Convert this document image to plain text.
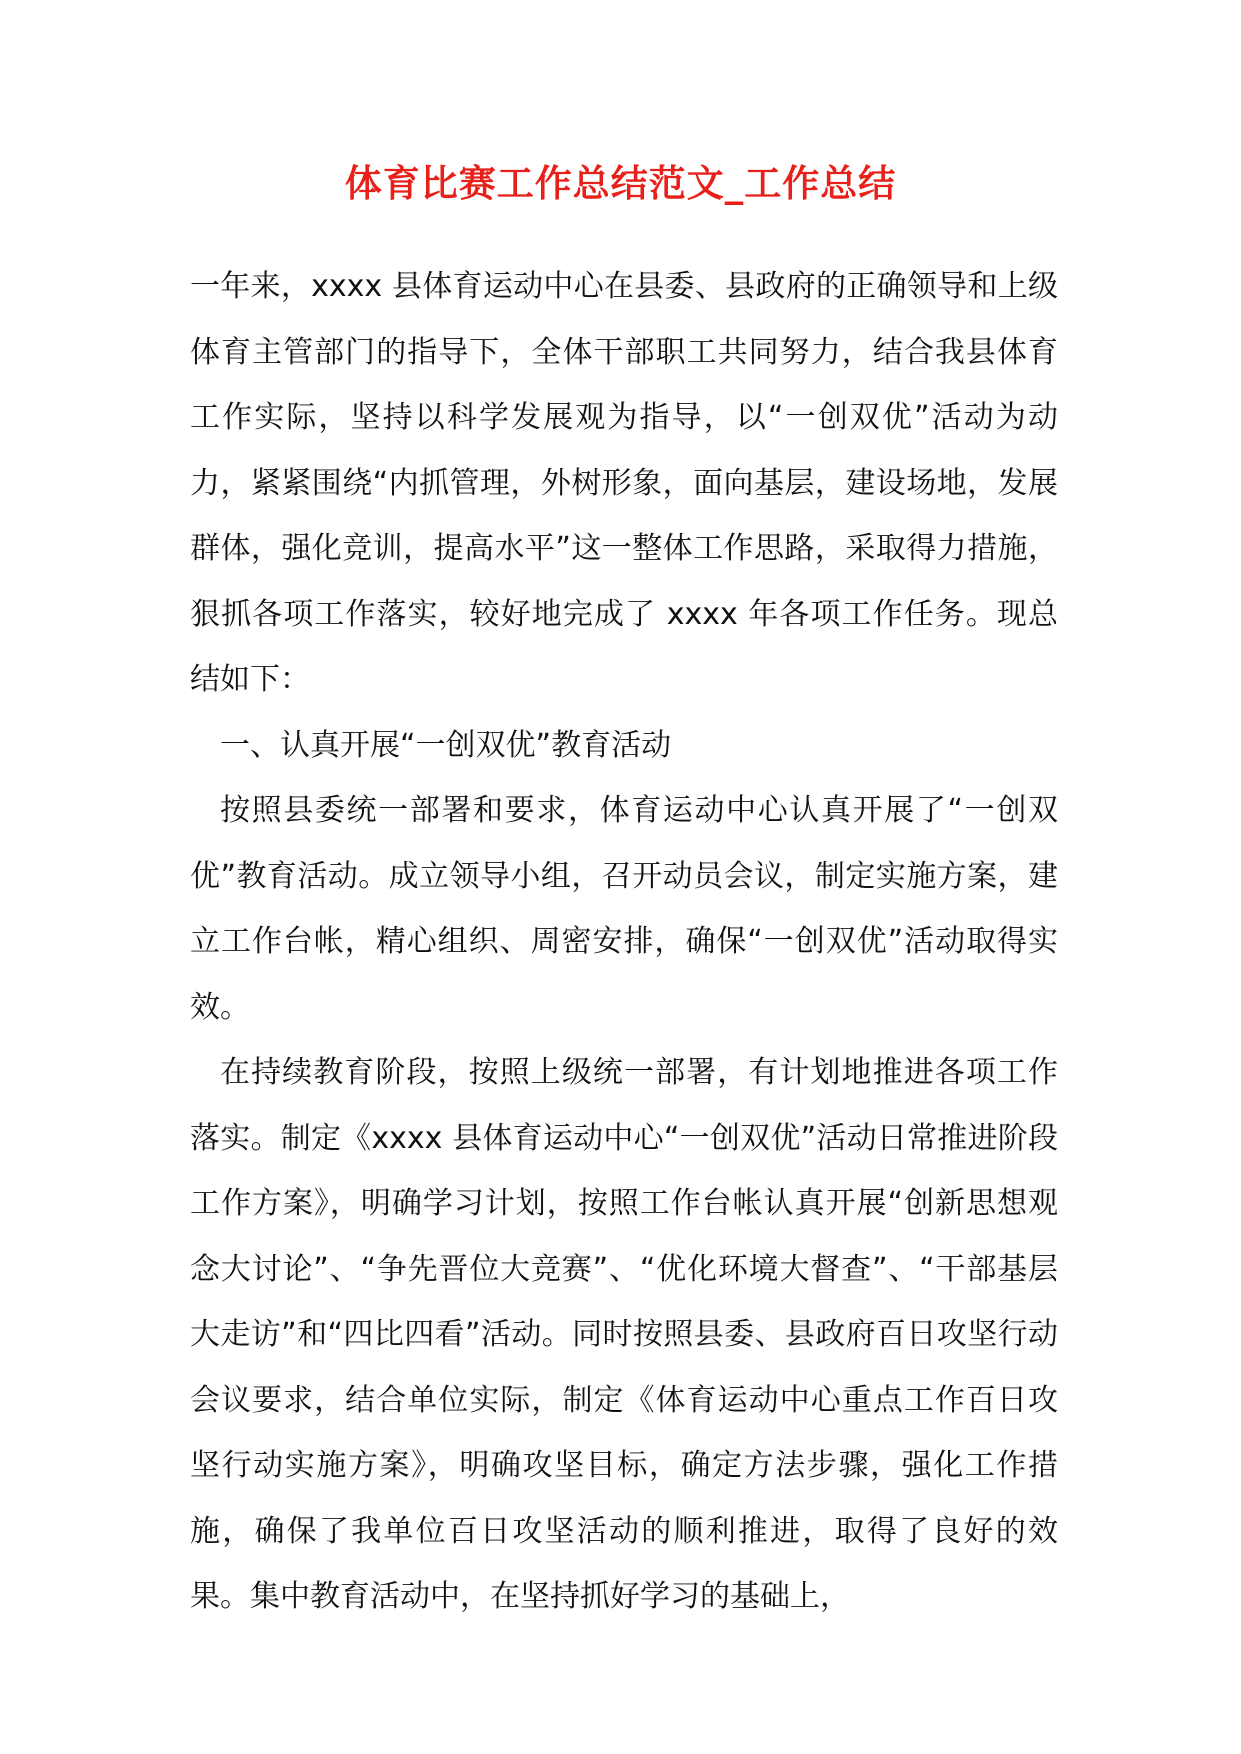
体育比赛工作总结范文_工作总结

一年来，xxxx 县体育运动中心在县委、县政府的正确领导和上级体育主管部门的指导下，全体干部职工共同努力，结合我县体育工作实际，坚持以科学发展观为指导，以“一创双优”活动为动力，紧紧围绕“内抓管理，外树形象，面向基层，建设场地，发展群体，强化竞训，提高水平”这一整体工作思路，采取得力措施，狠抓各项工作落实，较好地完成了 xxxx 年各项工作任务。现总结如下：

一、认真开展“一创双优”教育活动

按照县委统一部署和要求，体育运动中心认真开展了“一创双优”教育活动。成立领导小组，召开动员会议，制定实施方案，建立工作台帐，精心组织、周密安排，确保“一创双优”活动取得实效。

在持续教育阶段，按照上级统一部署，有计划地推进各项工作落实。制定《xxxx 县体育运动中心“一创双优”活动日常推进阶段工作方案》，明确学习计划，按照工作台帐认真开展“创新思想观念大讨论”、“争先晋位大竞赛”、“优化环境大督查”、“干部基层大走访”和“四比四看”活动。同时按照县委、县政府百日攻坚行动会议要求，结合单位实际，制定《体育运动中心重点工作百日攻坚行动实施方案》，明确攻坚目标，确定方法步骤，强化工作措施，确保了我单位百日攻坚活动的顺利推进，取得了良好的效果。集中教育活动中，在坚持抓好学习的基础上，
